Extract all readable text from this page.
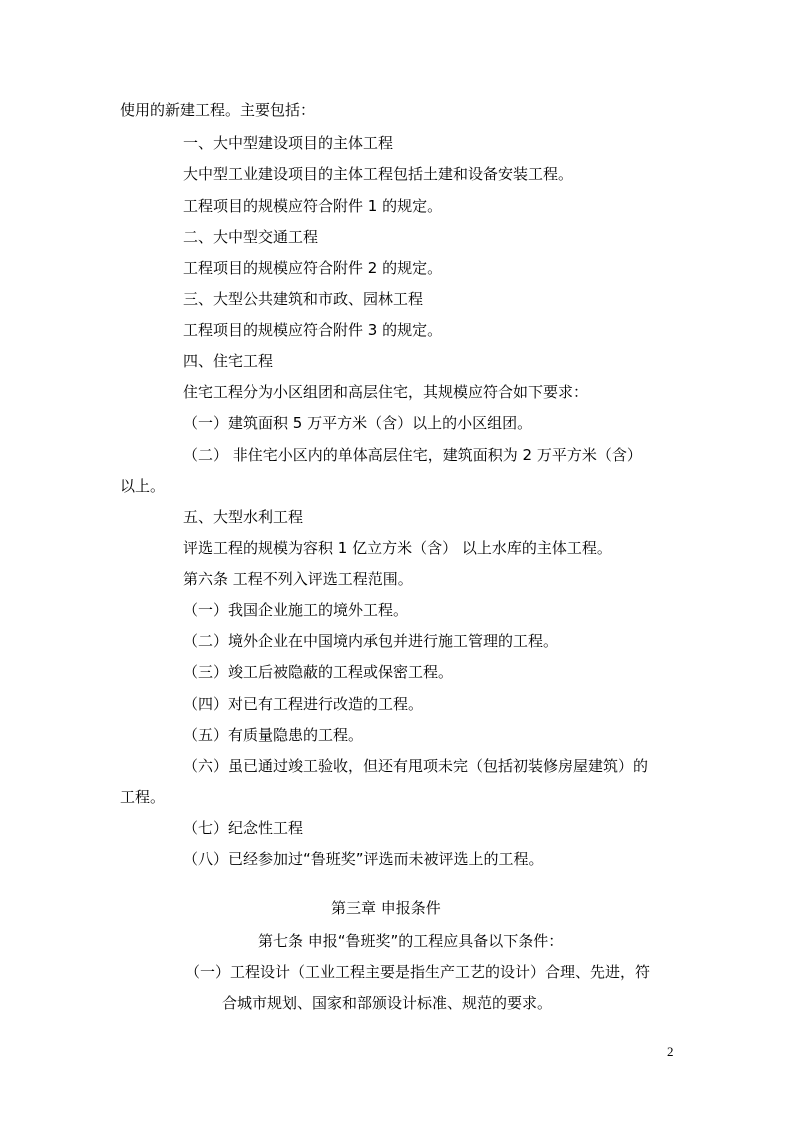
使用的新建工程。主要包括：
一、大中型建设项目的主体工程
大中型工业建设项目的主体工程包括土建和设备安装工程。
工程项目的规模应符合附件 1 的规定。
二、大中型交通工程
工程项目的规模应符合附件 2 的规定。
三、大型公共建筑和市政、园林工程
工程项目的规模应符合附件 3 的规定。
四、住宅工程
住宅工程分为小区组团和高层住宅，其规模应符合如下要求：
（一）建筑面积 5 万平方米（含）以上的小区组团。
（二） 非住宅小区内的单体高层住宅，建筑面积为 2 万平方米（含）
以上。
五、大型水利工程
评选工程的规模为容积 1 亿立方米（含） 以上水库的主体工程。
第六条 工程不列入评选工程范围。
（一）我国企业施工的境外工程。
（二）境外企业在中国境内承包并进行施工管理的工程。
（三）竣工后被隐蔽的工程或保密工程。
（四）对已有工程进行改造的工程。
（五）有质量隐患的工程。
（六）虽已通过竣工验收，但还有甩项未完（包括初装修房屋建筑）的
工程。
（七）纪念性工程
（八）已经参加过“鲁班奖”评选而未被评选上的工程。
第三章 申报条件
第七条 申报“鲁班奖”的工程应具备以下条件：
（一）工程设计（工业工程主要是指生产工艺的设计）合理、先进，符
合城市规划、国家和部颁设计标准、规范的要求。
2
